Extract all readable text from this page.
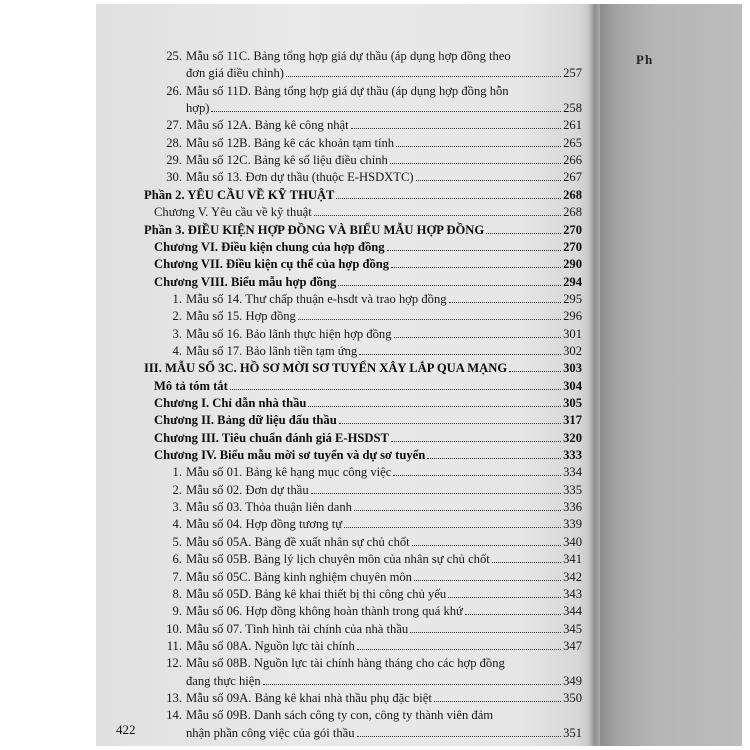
Ph
25. Mẫu số 11C. Bảng tổng hợp giá dự thầu (áp dụng hợp đồng theo
đơn giá điều chỉnh)	257
26. Mẫu số 11D. Bảng tổng hợp giá dự thầu (áp dụng hợp đồng hỗn
hợp)	258
27. Mẫu số 12A. Bảng kê công nhật	261
28. Mẫu số 12B. Bảng kê các khoản tạm tính	265
29. Mẫu số 12C. Bảng kê số liệu điều chỉnh	266
30. Mẫu số 13. Đơn dự thầu (thuộc E-HSDXTC)	267
Phần 2. YÊU CẦU VỀ KỸ THUẬT	268
Chương V. Yêu cầu về kỹ thuật	268
Phần 3. ĐIỀU KIỆN HỢP ĐỒNG VÀ BIỂU MẪU HỢP ĐỒNG	270
Chương VI. Điều kiện chung của hợp đồng	270
Chương VII. Điều kiện cụ thể của hợp đồng	290
Chương VIII. Biểu mẫu hợp đồng	294
1. Mẫu số 14. Thư chấp thuận e-hsdt và trao hợp đồng	295
2. Mẫu số 15. Hợp đồng	296
3. Mẫu số 16. Bảo lãnh thực hiện hợp đồng	301
4. Mẫu số 17. Bảo lãnh tiền tạm ứng	302
III. MẪU SỐ 3C. HỒ SƠ MỜI SƠ TUYỂN XÂY LẮP QUA MẠNG	303
Mô tả tóm tắt	304
Chương I. Chỉ dẫn nhà thầu	305
Chương II. Bảng dữ liệu đấu thầu	317
Chương III. Tiêu chuẩn đánh giá E-HSDST	320
Chương IV. Biểu mẫu mời sơ tuyển và dự sơ tuyển	333
1. Mẫu số 01. Bảng kê hạng mục công việc	334
2. Mẫu số 02. Đơn dự thầu	335
3. Mẫu số 03. Thỏa thuận liên danh	336
4. Mẫu số 04. Hợp đồng tương tự	339
5. Mẫu số 05A. Bảng đề xuất nhân sự chủ chốt	340
6. Mẫu số 05B. Bảng lý lịch chuyên môn của nhân sự chủ chốt	341
7. Mẫu số 05C. Bảng kinh nghiệm chuyên môn	342
8. Mẫu số 05D. Bảng kê khai thiết bị thi công chủ yếu	343
9. Mẫu số 06. Hợp đồng không hoàn thành trong quá khứ	344
10. Mẫu số 07. Tình hình tài chính của nhà thầu	345
11. Mẫu số 08A. Nguồn lực tài chính	347
12. Mẫu số 08B. Nguồn lực tài chính hàng tháng cho các hợp đồng
đang thực hiện	349
13. Mẫu số 09A. Bảng kê khai nhà thầu phụ đặc biệt	350
14. Mẫu số 09B. Danh sách công ty con, công ty thành viên đảm
nhận phần công việc của gói thầu	351
422
